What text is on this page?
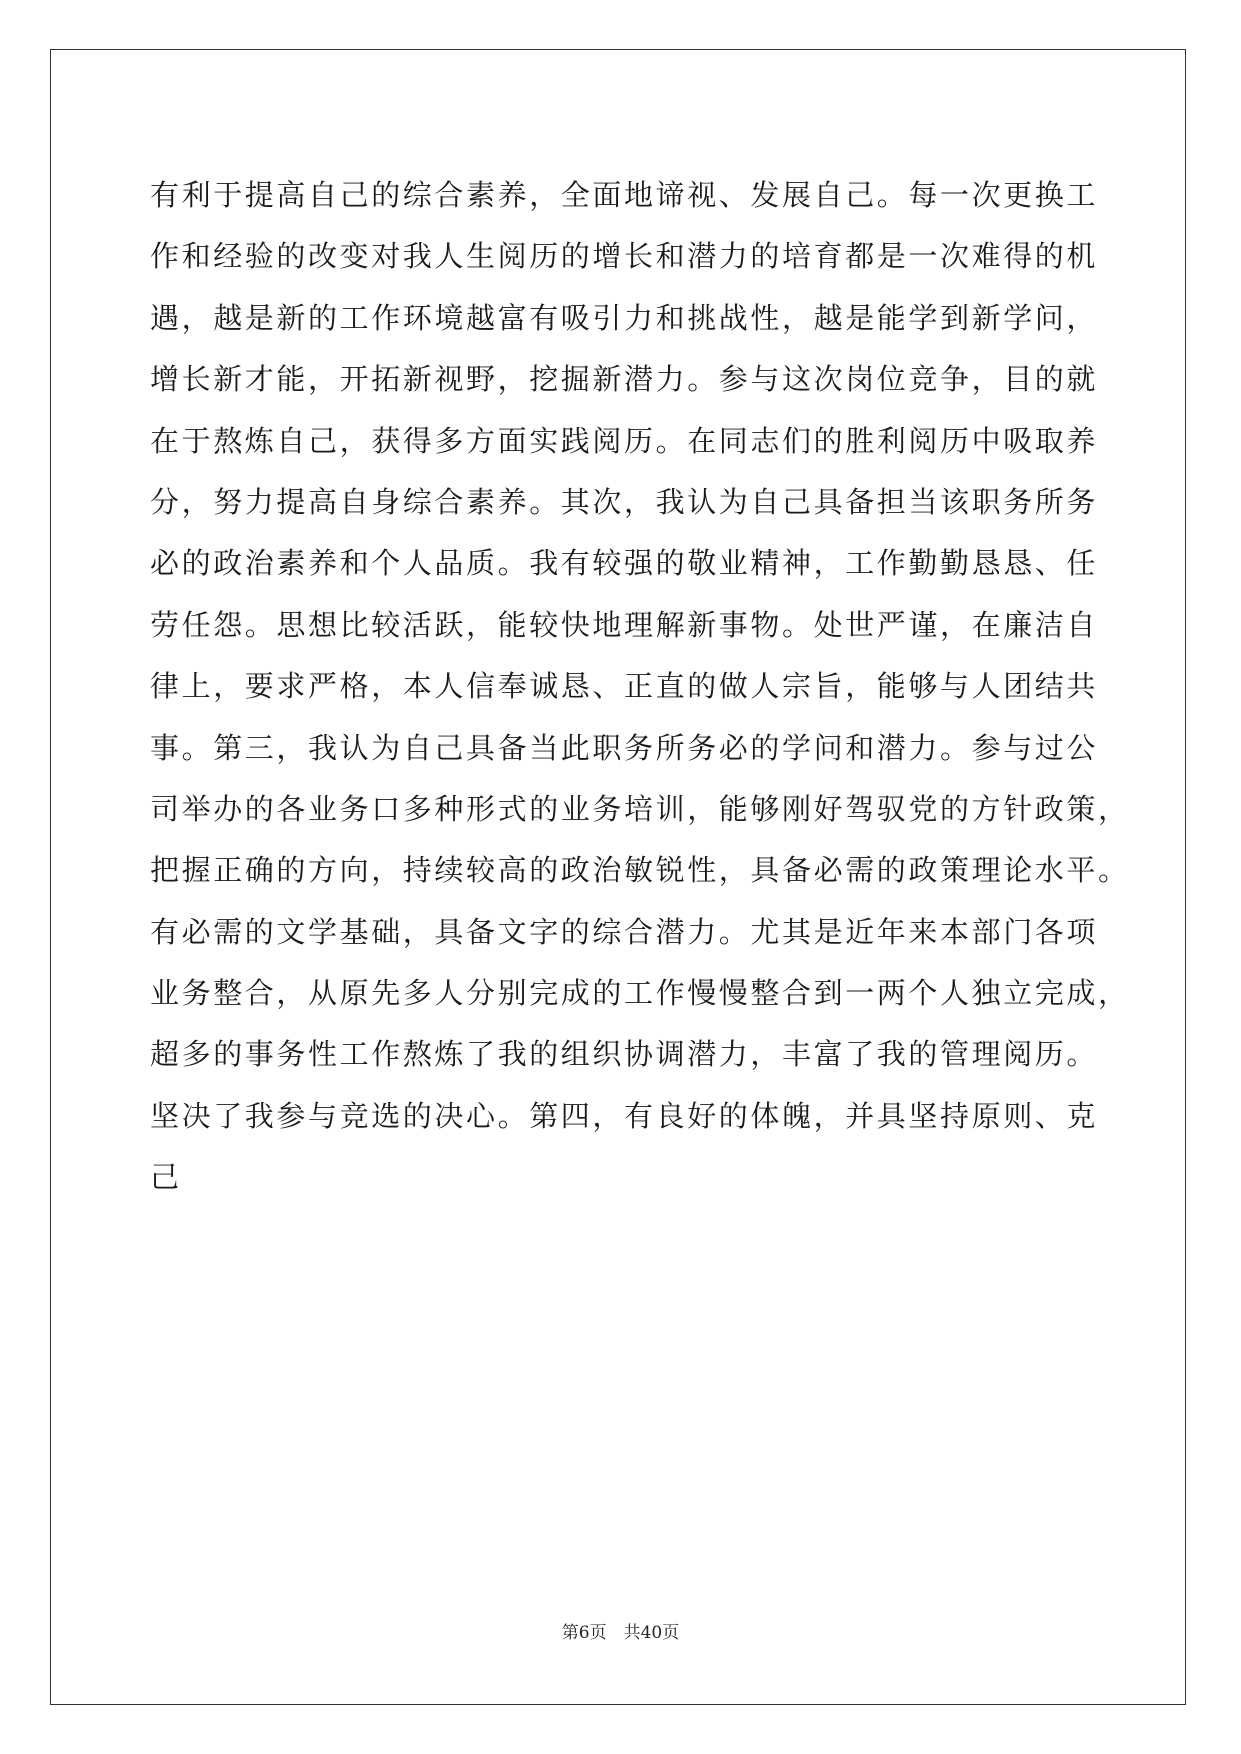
有利于提高自己的综合素养，全面地谛视、发展自己。每一次更换工
作和经验的改变对我人生阅历的增长和潜力的培育都是一次难得的机
遇，越是新的工作环境越富有吸引力和挑战性，越是能学到新学问，
增长新才能，开拓新视野，挖掘新潜力。参与这次岗位竞争，目的就
在于熬炼自己，获得多方面实践阅历。在同志们的胜利阅历中吸取养
分，努力提高自身综合素养。其次，我认为自己具备担当该职务所务
必的政治素养和个人品质。我有较强的敬业精神，工作勤勤恳恳、任
劳任怨。思想比较活跃，能较快地理解新事物。处世严谨，在廉洁自
律上，要求严格，本人信奉诚恳、正直的做人宗旨，能够与人团结共
事。第三，我认为自己具备当此职务所务必的学问和潜力。参与过公
司举办的各业务口多种形式的业务培训，能够刚好驾驭党的方针政策，
把握正确的方向，持续较高的政治敏锐性，具备必需的政策理论水平。
有必需的文学基础，具备文字的综合潜力。尤其是近年来本部门各项
业务整合，从原先多人分别完成的工作慢慢整合到一两个人独立完成，
超多的事务性工作熬炼了我的组织协调潜力，丰富了我的管理阅历。
坚决了我参与竞选的决心。第四，有良好的体魄，并具坚持原则、克
己
第6页　共40页
